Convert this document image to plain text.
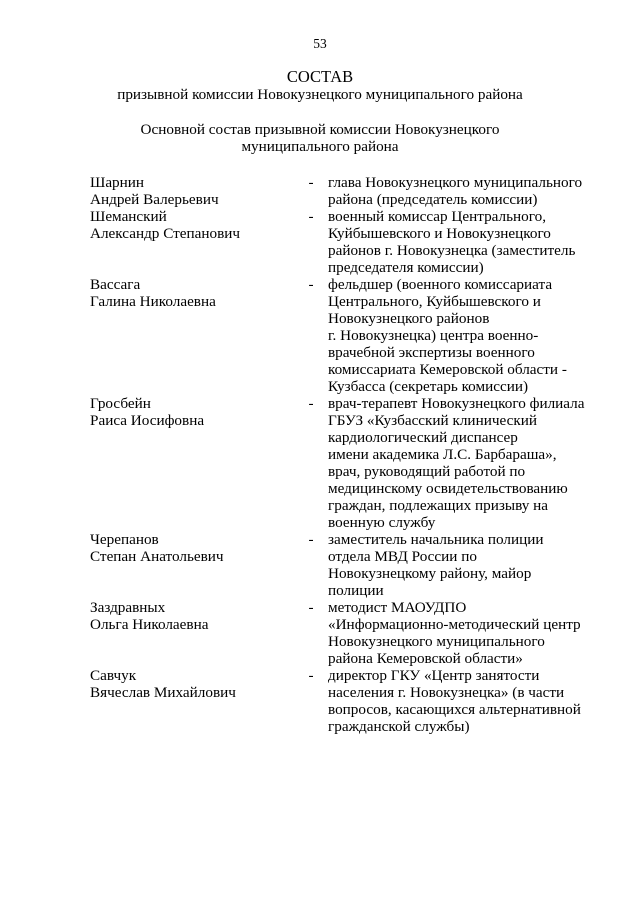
53
СОСТАВ
призывной комиссии Новокузнецкого муниципального района
Основной состав призывной комиссии Новокузнецкого
муниципального района
Шарнин
Андрей Валерьевич
- глава Новокузнецкого муниципального
района (председатель комиссии)
Шеманский
Александр Степанович
- военный комиссар Центрального,
Куйбышевского и Новокузнецкого
районов г. Новокузнецка (заместитель
председателя комиссии)
Вассага
Галина Николаевна
- фельдшер (военного комиссариата
Центрального, Куйбышевского и
Новокузнецкого районов
г. Новокузнецка) центра военно-
врачебной экспертизы военного
комиссариата Кемеровской области -
Кузбасса (секретарь комиссии)
Гросбейн
Раиса Иосифовна
- врач-терапевт Новокузнецкого филиала
ГБУЗ «Кузбасский клинический
кардиологический диспансер
имени академика Л.С. Барбараша»,
врач, руководящий работой по
медицинскому освидетельствованию
граждан, подлежащих призыву на
военную службу
Черепанов
Степан Анатольевич
- заместитель начальника полиции
отдела МВД России по
Новокузнецкому району, майор
полиции
Заздравных
Ольга Николаевна
- методист МАОУДПО
«Информационно-методический центр
Новокузнецкого муниципального
района Кемеровской области»
Савчук
Вячеслав Михайлович
- директор ГКУ «Центр занятости
населения г. Новокузнецка» (в части
вопросов, касающихся альтернативной
гражданской службы)
